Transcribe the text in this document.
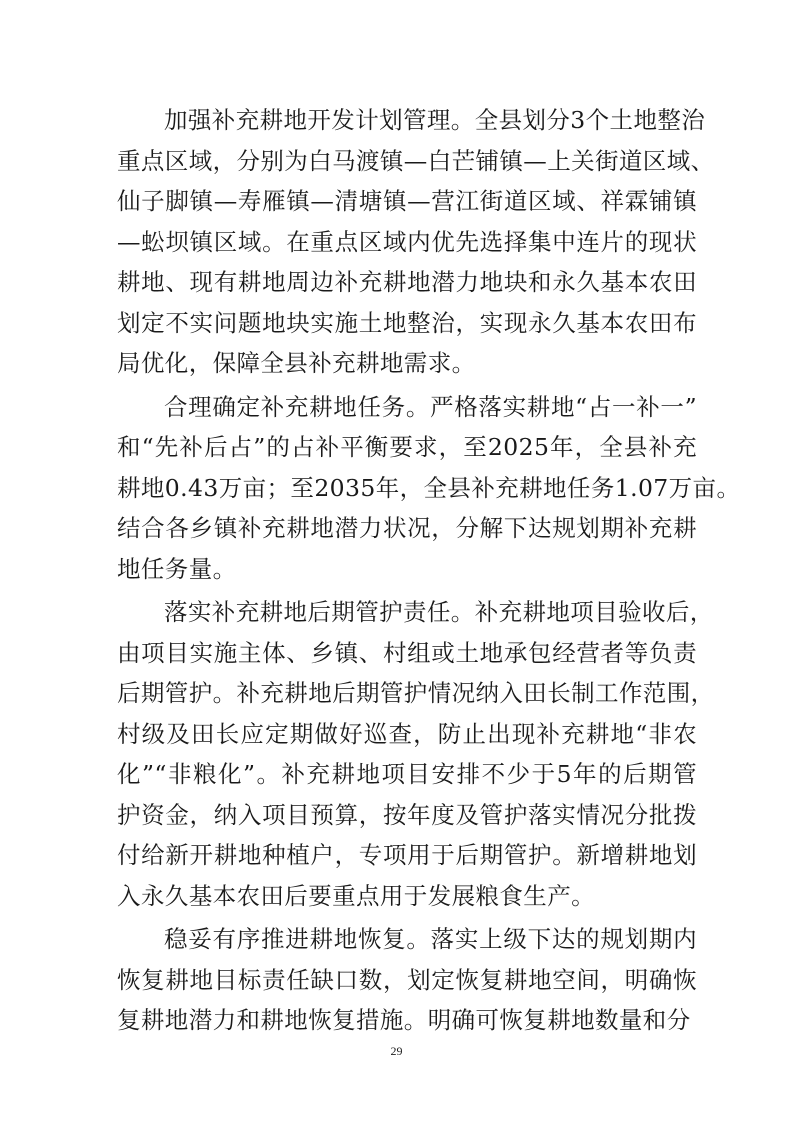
加强补充耕地开发计划管理。全县划分3个土地整治
重点区域，分别为白马渡镇—白芒铺镇—上关街道区域、
仙子脚镇—寿雁镇—清塘镇—营江街道区域、祥霖铺镇
—蚣坝镇区域。在重点区域内优先选择集中连片的现状
耕地、现有耕地周边补充耕地潜力地块和永久基本农田
划定不实问题地块实施土地整治，实现永久基本农田布
局优化，保障全县补充耕地需求。
合理确定补充耕地任务。严格落实耕地“占一补一”
和“先补后占”的占补平衡要求，至2025年，全县补充
耕地0.43万亩；至2035年，全县补充耕地任务1.07万亩。
结合各乡镇补充耕地潜力状况，分解下达规划期补充耕
地任务量。
落实补充耕地后期管护责任。补充耕地项目验收后，
由项目实施主体、乡镇、村组或土地承包经营者等负责
后期管护。补充耕地后期管护情况纳入田长制工作范围，
村级及田长应定期做好巡查，防止出现补充耕地“非农
化”“非粮化”。补充耕地项目安排不少于5年的后期管
护资金，纳入项目预算，按年度及管护落实情况分批拨
付给新开耕地种植户，专项用于后期管护。新增耕地划
入永久基本农田后要重点用于发展粮食生产。
稳妥有序推进耕地恢复。落实上级下达的规划期内
恢复耕地目标责任缺口数，划定恢复耕地空间，明确恢
复耕地潜力和耕地恢复措施。明确可恢复耕地数量和分
29
